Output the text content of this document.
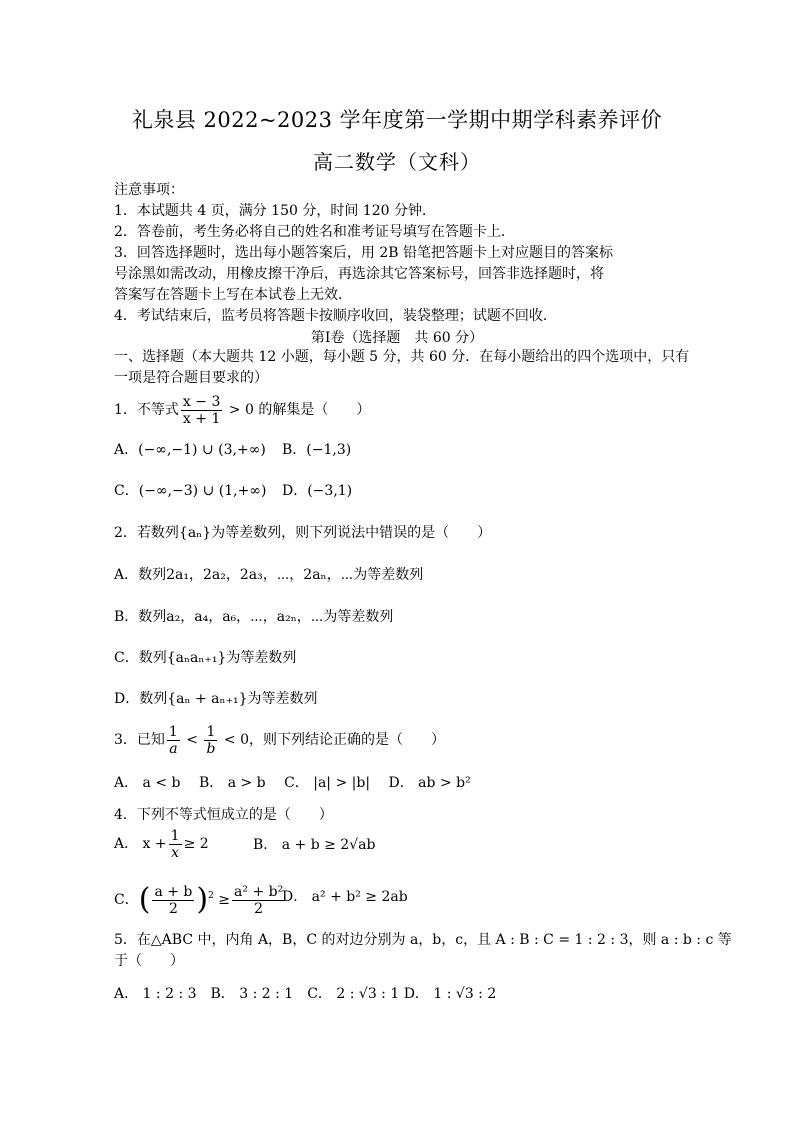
礼泉县 2022~2023 学年度第一学期中期学科素养评价
高二数学（文科）
注意事项：
1．本试题共 4 页，满分 150 分，时间 120 分钟．
2．答卷前，考生务必将自己的姓名和准考证号填写在答题卡上．
3．回答选择题时，选出每小题答案后，用 2B 铅笔把答题卡上对应题目的答案标
号涂黑如需改动，用橡皮擦干净后，再选涂其它答案标号，回答非选择题时，将
答案写在答题卡上写在本试卷上无效．
4．考试结束后，监考员将答题卡按顺序收回，装袋整理；试题不回收．
第Ⅰ卷（选择题　共 60 分）
一、选择题（本大题共 12 小题，每小题 5 分，共 60 分．在每小题给出的四个选项中，只有
一项是符合题目要求的）
1．不等式 $\frac{x - 3}{x + 1} > 0$ 的解集是（　　）
A．(−∞,−1) ∪ (3,+∞) B．(−1,3)
C．(−∞,−3) ∪ (1,+∞) D．(−3,1)
2．若数列{aₙ}为等差数列，则下列说法中错误的是（　　）
A．数列2a₁，2a₂，2a₃，⋯，2aₙ，⋯为等差数列
B．数列a₂，a₄，a₆，⋯，a₂ₙ，⋯为等差数列
C．数列{aₙaₙ₊₁}为等差数列
D．数列{aₙ + aₙ₊₁}为等差数列
3．已知 $\frac{1}{a} < \frac{1}{b} < 0$，则下列结论正确的是（　　）
A． a < b　 B． a > b　 C． |a| > |b|　 D． ab > b²
4．下列不等式恒成立的是（　　）
A． $x + \frac{1}{x} \ge 2$	B． a + b ≥ 2√ab
C．( $\frac{a + b}{2} )^2 \ge \frac{\text{a² + b²}}{2}$
D． a² + b² ≥ 2ab
5．在△ABC 中，内角 A，B，C 的对边分别为 a，b，c，且 A : B : C = 1 : 2 : 3，则 a : b : c 等
于（　　）
A． 1 : 2 : 3　B． 3 : 2 : 1　C． 2 : √3 : 1 D． 1 : √3 : 2
